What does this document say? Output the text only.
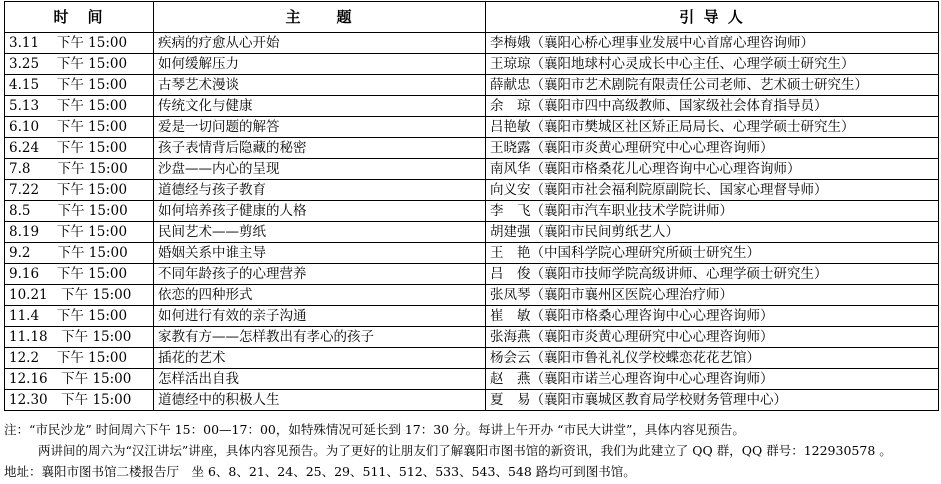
时　间	主　　题	引 导 人
3.11　 下午 15:00	疾病的疗愈从心开始	李梅娥（襄阳心桥心理事业发展中心首席心理咨询师）
3.25　 下午 15:00	如何缓解压力	王琼琼（襄阳地球村心灵成长中心主任、心理学硕士研究生）
4.15　 下午 15:00	古琴艺术漫谈	薛献忠（襄阳市艺术剧院有限责任公司老师、艺术硕士研究生）
5.13　 下午 15:00	传统文化与健康	余　琼（襄阳市四中高级教师、国家级社会体育指导员）
6.10　 下午 15:00	爱是一切问题的解答	吕艳敏（襄阳市樊城区社区矫正局局长、心理学硕士研究生）
6.24　 下午 15:00	孩子表情背后隐藏的秘密	王晓露（襄阳市炎黄心理研究中心心理咨询师）
7.8　　下午 15:00	沙盘——内心的呈现	南风华（襄阳市格桑花儿心理咨询中心心理咨询师）
7.22　 下午 15:00	道德经与孩子教育	向义安（襄阳市社会福利院原副院长、国家心理督导师）
8.5　　下午 15:00	如何培养孩子健康的人格	李　飞（襄阳市汽车职业技术学院讲师）
8.19　 下午 15:00	民间艺术——剪纸	胡建强（襄阳市民间剪纸艺人）
9.2　　下午 15:00	婚姻关系中谁主导	王　艳（中国科学院心理研究所硕士研究生）
9.16　 下午 15:00	不同年龄孩子的心理营养	吕　俊（襄阳市技师学院高级讲师、心理学硕士研究生）
10.21　下午 15:00	依恋的四种形式	张凤琴（襄阳市襄州区医院心理治疗师）
11.4　 下午 15:00	如何进行有效的亲子沟通	崔　敏（襄阳市格桑心理咨询中心心理咨询师）
11.18　下午 15:00	家教有方——怎样教出有孝心的孩子	张海燕（襄阳市炎黄心理研究中心心理咨询师）
12.2　 下午 15:00	插花的艺术	杨会云（襄阳市鲁礼礼仪学校蝶恋花花艺馆）
12.16　下午 15:00	怎样活出自我	赵　燕（襄阳市诺兰心理咨询中心心理咨询师）
12.30　下午 15:00	道德经中的积极人生	夏　易（襄阳市襄城区教育局学校财务管理中心）
注：“市民沙龙” 时间周六下午 15：00—17：00，如特殊情况可延长到 17：30 分。每讲上午开办 “市民大讲堂”，具体内容见预告。
两讲间的周六为“汉江讲坛”讲座，具体内容见预告。为了更好的让朋友们了解襄阳市图书馆的新资讯，我们为此建立了 QQ 群，QQ 群号：122930578 。
地址：襄阳市图书馆二楼报告厅　坐 6、8、21、24、25、29、511、512、533、543、548 路均可到图书馆。
